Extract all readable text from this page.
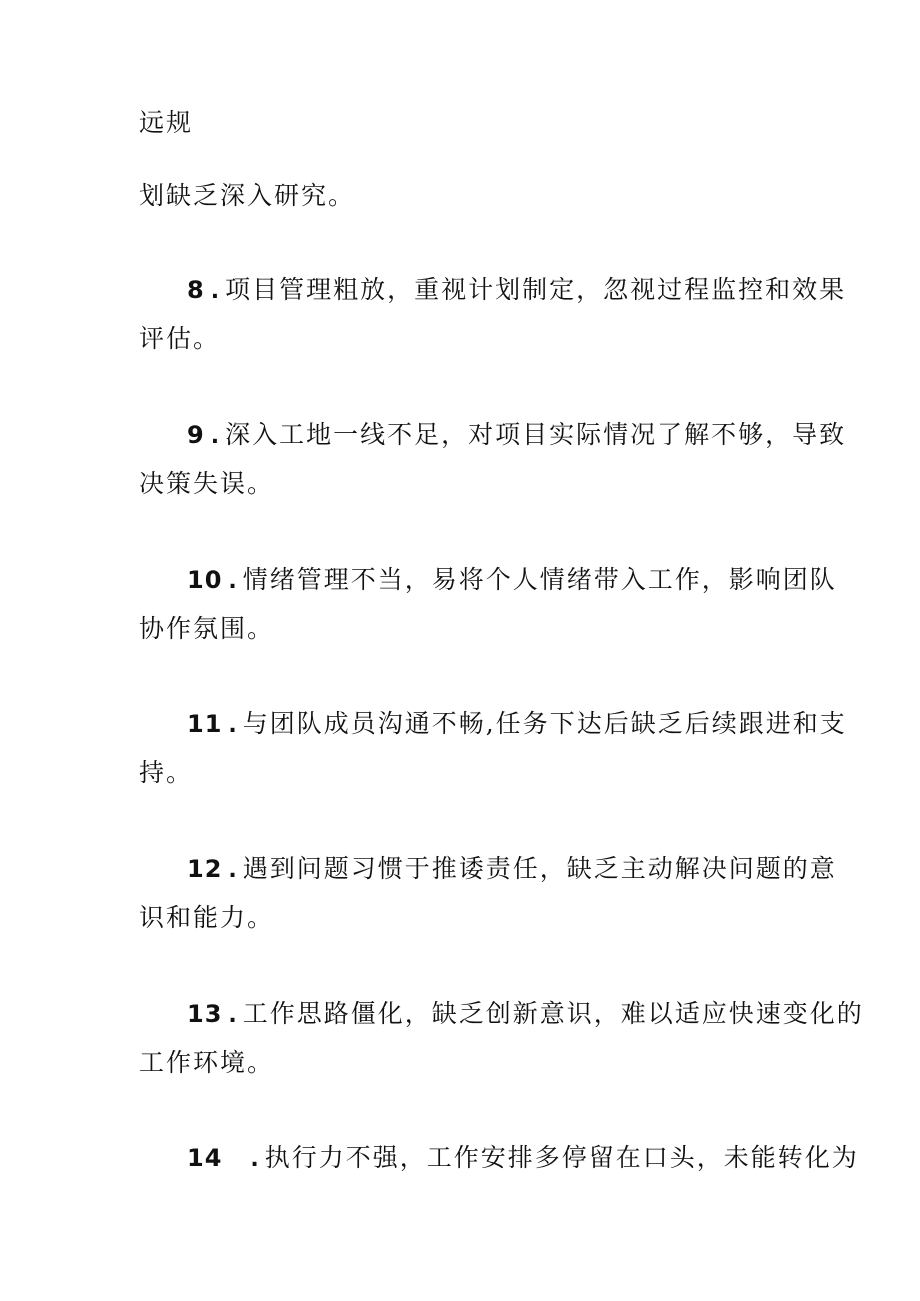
远规
划缺乏深入研究。
8 . 项目管理粗放，重视计划制定，忽视过程监控和效果
评估。
9 . 深入工地一线不足，对项目实际情况了解不够，导致
决策失误。
10 . 情绪管理不当，易将个人情绪带入工作，影响团队
协作氛围。
11 . 与团队成员沟通不畅,任务下达后缺乏后续跟进和支
持。
12 . 遇到问题习惯于推诿责任，缺乏主动解决问题的意
识和能力。
13 . 工作思路僵化，缺乏创新意识，难以适应快速变化的
工作环境。
14 . 执行力不强，工作安排多停留在口头，未能转化为
